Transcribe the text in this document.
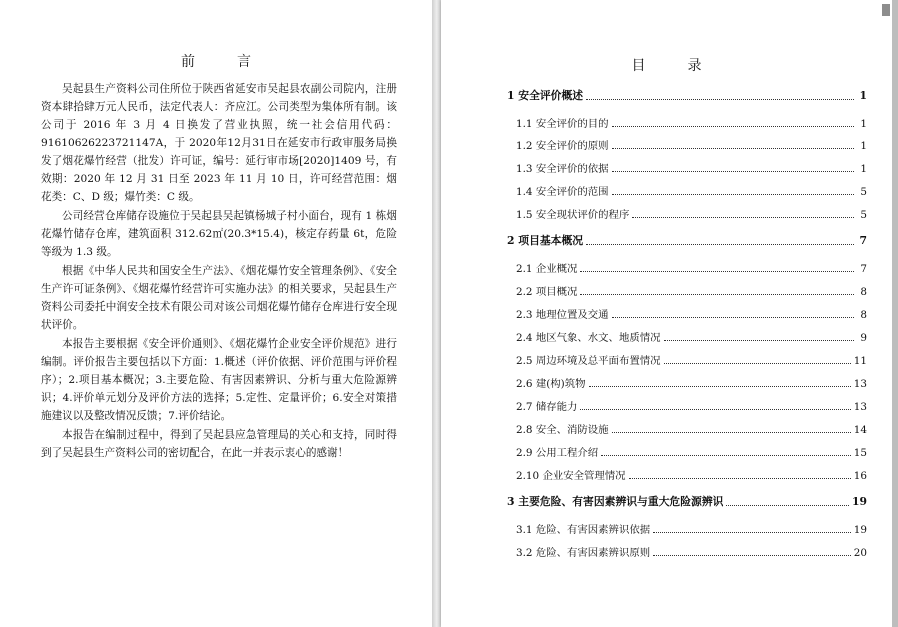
前　言

吴起县生产资料公司住所位于陕西省延安市吴起县农副公司院内，注册资本肆拾肆万元人民币，法定代表人：齐应江。公司类型为集体所有制。该公司于 2016 年 3 月 4 日换发了营业执照，统一社会信用代码：91610626223721147A，于 2020年12月31日在延安市行政审服务局换发了烟花爆竹经营（批发）许可证，编号：延行审市场[2020]1409 号，有效期：2020 年 12 月 31 日至 2023 年 11 月 10 日，许可经营范围：烟花类：C、D 级；爆竹类：C 级。

公司经营仓库储存设施位于吴起县吴起镇杨城子村小面台，现有 1 栋烟花爆竹储存仓库，建筑面积 312.62㎡(20.3*15.4)，核定存药量 6t，危险等级为 1.3 级。

根据《中华人民共和国安全生产法》、《烟花爆竹安全管理条例》、《安全生产许可证条例》、《烟花爆竹经营许可实施办法》的相关要求，吴起县生产资料公司委托中润安全技术有限公司对该公司烟花爆竹储存仓库进行安全现状评价。

本报告主要根据《安全评价通则》、《烟花爆竹企业安全评价规范》进行编制。评价报告主要包括以下方面：1.概述（评价依据、评价范围与评价程序）；2.项目基本概况；3.主要危险、有害因素辨识、分析与重大危险源辨识；4.评价单元划分及评价方法的选择；5.定性、定量评价；6.安全对策措施建议以及整改情况反馈；7.评价结论。

本报告在编制过程中，得到了吴起县应急管理局的关心和支持，同时得到了吴起县生产资料公司的密切配合，在此一并表示衷心的感谢！

目　录
1 安全评价概述	1
1.1 安全评价的目的	1
1.2 安全评价的原则	1
1.3 安全评价的依据	1
1.4 安全评价的范围	5
1.5 安全现状评价的程序	5
2 项目基本概况	7
2.1 企业概况	7
2.2 项目概况	8
2.3 地理位置及交通	8
2.4 地区气象、水文、地质情况	9
2.5 周边环境及总平面布置情况	11
2.6 建(构)筑物	13
2.7 储存能力	13
2.8 安全、消防设施	14
2.9 公用工程介绍	15
2.10 企业安全管理情况	16
3 主要危险、有害因素辨识与重大危险源辨识	19
3.1 危险、有害因素辨识依据	19
3.2 危险、有害因素辨识原则	20
